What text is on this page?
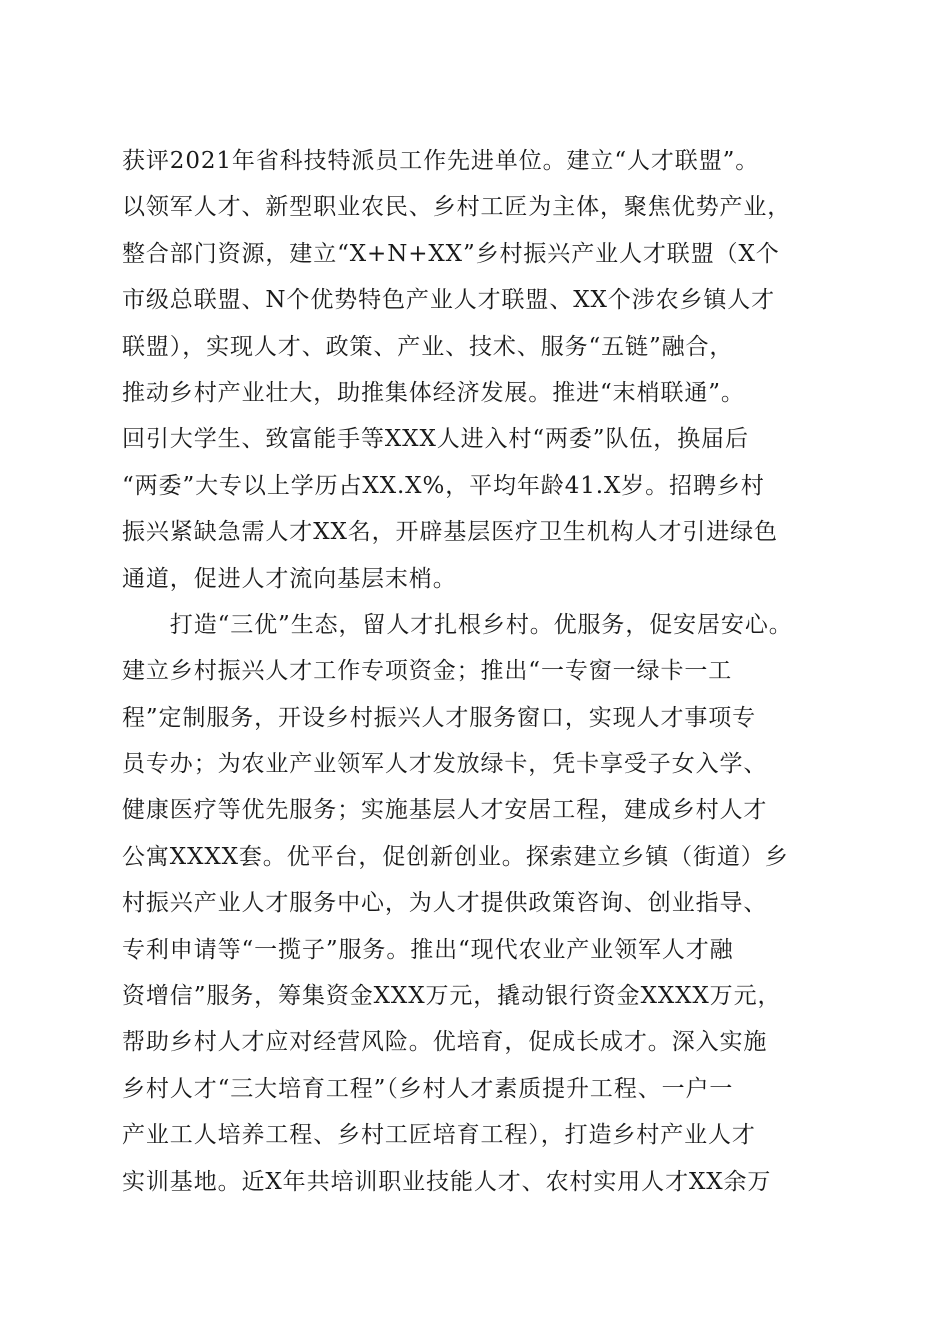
获评2021年省科技特派员工作先进单位。建立“人才联盟”。
以领军人才、新型职业农民、乡村工匠为主体，聚焦优势产业，
整合部门资源，建立“X+N+XX”乡村振兴产业人才联盟（X个
市级总联盟、N个优势特色产业人才联盟、XX个涉农乡镇人才
联盟），实现人才、政策、产业、技术、服务“五链”融合，
推动乡村产业壮大，助推集体经济发展。推进“末梢联通”。
回引大学生、致富能手等XXX人进入村“两委”队伍，换届后
“两委”大专以上学历占XX.X%，平均年龄41.X岁。招聘乡村
振兴紧缺急需人才XX名，开辟基层医疗卫生机构人才引进绿色
通道，促进人才流向基层末梢。
　　打造“三优”生态，留人才扎根乡村。优服务，促安居安心。
建立乡村振兴人才工作专项资金；推出“一专窗一绿卡一工
程”定制服务，开设乡村振兴人才服务窗口，实现人才事项专
员专办；为农业产业领军人才发放绿卡，凭卡享受子女入学、
健康医疗等优先服务；实施基层人才安居工程，建成乡村人才
公寓XXXX套。优平台，促创新创业。探索建立乡镇（街道）乡
村振兴产业人才服务中心，为人才提供政策咨询、创业指导、
专利申请等“一揽子”服务。推出“现代农业产业领军人才融
资增信”服务，筹集资金XXX万元，撬动银行资金XXXX万元，
帮助乡村人才应对经营风险。优培育，促成长成才。深入实施
乡村人才“三大培育工程”（乡村人才素质提升工程、一户一
产业工人培养工程、乡村工匠培育工程），打造乡村产业人才
实训基地。近X年共培训职业技能人才、农村实用人才XX余万
